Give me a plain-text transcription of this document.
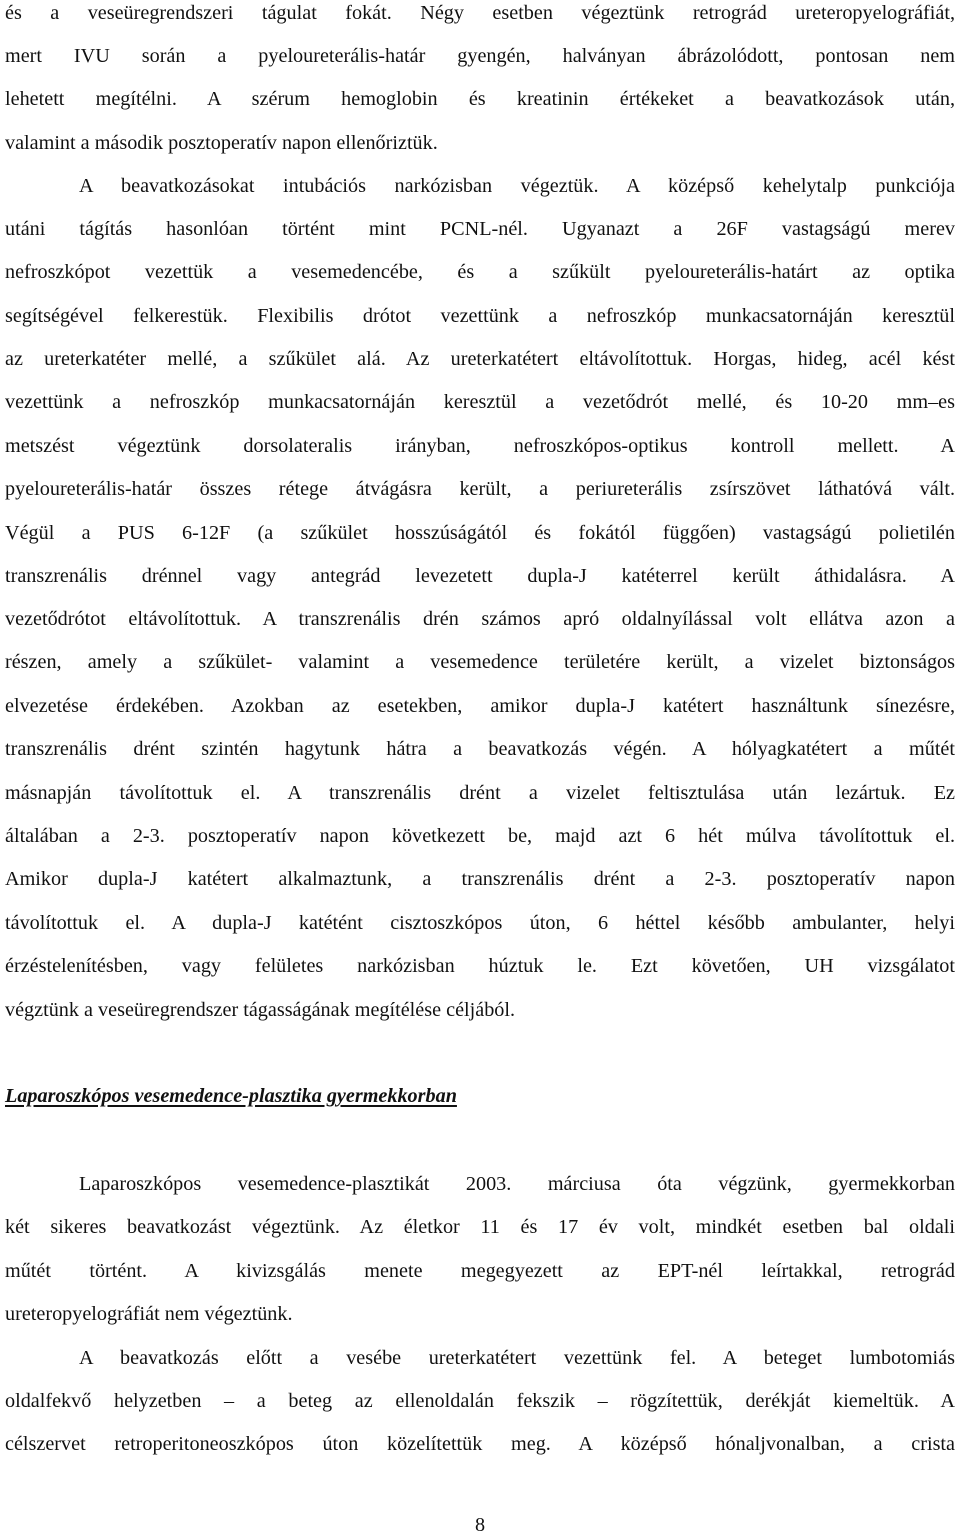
és a veseüregrendszeri tágulat fokát. Négy esetben végeztünk retrográd ureteropyelográfiát,
mert IVU során a pyeloureterális-határ gyengén, halványan ábrázolódott, pontosan nem
lehetett megítélni. A szérum hemoglobin és kreatinin értékeket a beavatkozások után,
valamint a második posztoperatív napon ellenőriztük.
A beavatkozásokat intubációs narkózisban végeztük. A középső kehelytalp punkciója
utáni tágítás hasonlóan történt mint PCNL-nél. Ugyanazt a 26F vastagságú merev
nefroszkópot vezettük a vesemedencébe, és a szűkült pyeloureterális-határt az optika
segítségével felkerestük. Flexibilis drótot vezettünk a nefroszkóp munkacsatornáján keresztül
az ureterkatéter mellé, a szűkület alá. Az ureterkatétert eltávolítottuk. Horgas, hideg, acél kést
vezettünk a nefroszkóp munkacsatornáján keresztül a vezetődrót mellé, és 10-20 mm–es
metszést végeztünk dorsolateralis irányban, nefroszkópos-optikus kontroll mellett. A
pyeloureterális-határ összes rétege átvágásra került, a periureterális zsírszövet láthatóvá vált.
Végül a PUS 6-12F (a szűkület hosszúságától és fokától függően) vastagságú polietilén
transzrenális drénnel vagy antegrád levezetett dupla-J katéterrel került áthidalásra. A
vezetődrótot eltávolítottuk. A transzrenális drén számos apró oldalnyílással volt ellátva azon a
részen, amely a szűkület- valamint a vesemedence területére került, a vizelet biztonságos
elvezetése érdekében. Azokban az esetekben, amikor dupla-J katétert használtunk sínezésre,
transzrenális drént szintén hagytunk hátra a beavatkozás végén. A hólyagkatétert a műtét
másnapján távolítottuk el. A transzrenális drént a vizelet feltisztulása után lezártuk. Ez
általában a 2-3. posztoperatív napon következett be, majd azt 6 hét múlva távolítottuk el.
Amikor dupla-J katétert alkalmaztunk, a transzrenális drént a 2-3. posztoperatív napon
távolítottuk el. A dupla-J katétént cisztoszkópos úton, 6 héttel később ambulanter, helyi
érzéstelenítésben, vagy felületes narkózisban húztuk le. Ezt követően, UH vizsgálatot
végztünk a veseüregrendszer tágasságának megítélése céljából.
Laparoszkópos vesemedence-plasztika gyermekkorban
Laparoszkópos vesemedence-plasztikát 2003. márciusa óta végzünk, gyermekkorban
két sikeres beavatkozást végeztünk. Az életkor 11 és 17 év volt, mindkét esetben bal oldali
műtét történt. A kivizsgálás menete megegyezett az EPT-nél leírtakkal, retrográd
ureteropyelográfiát nem végeztünk.
A beavatkozás előtt a vesébe ureterkatétert vezettünk fel. A beteget lumbotomiás
oldalfekvő helyzetben – a beteg az ellenoldalán fekszik – rögzítettük, derékját kiemeltük. A
célszervet retroperitoneoszkópos úton közelítettük meg. A középső hónaljvonalban, a crista
8
